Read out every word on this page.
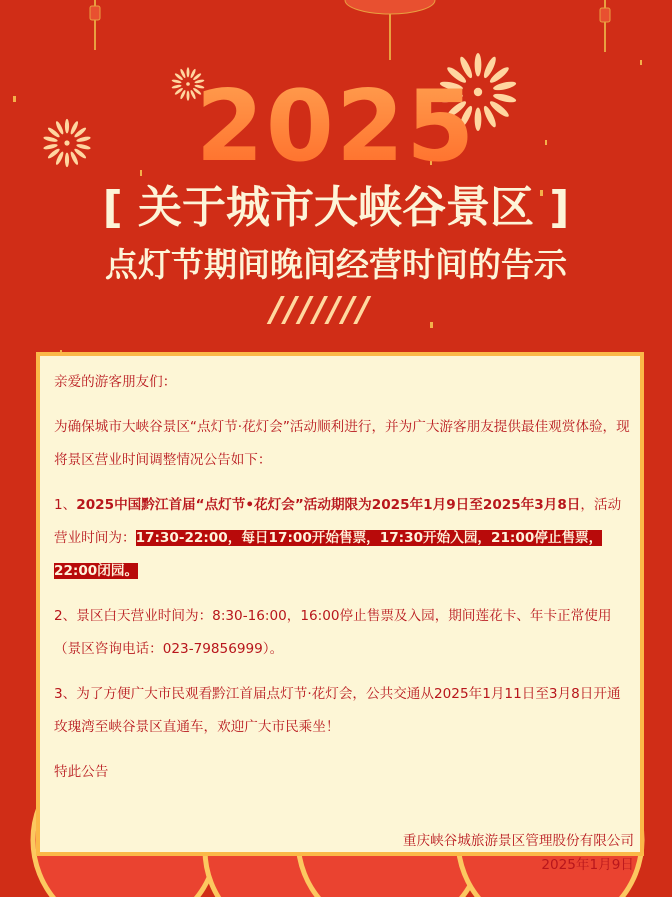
2025
[ 关于城市大峡谷景区 ]
点灯节期间晚间经营时间的告示
///////

亲爱的游客朋友们：

为确保城市大峡谷景区“点灯节·花灯会”活动顺利进行，并为广大游客朋友提供最佳观赏体验，现将景区营业时间调整情况公告如下：

1、2025中国黔江首届“点灯节•花灯会”活动期限为2025年1月9日至2025年3月8日，活动营业时间为：17:30-22:00，每日17:00开始售票，17:30开始入园，21:00停止售票，22:00闭园。

2、景区白天营业时间为：8:30-16:00，16:00停止售票及入园，期间莲花卡、年卡正常使用（景区咨询电话：023-79856999）。

3、为了方便广大市民观看黔江首届点灯节·花灯会，公共交通从2025年1月11日至3月8日开通玫瑰湾至峡谷景区直通车，欢迎广大市民乘坐！

特此公告

重庆峡谷城旅游景区管理股份有限公司

2025年1月9日
